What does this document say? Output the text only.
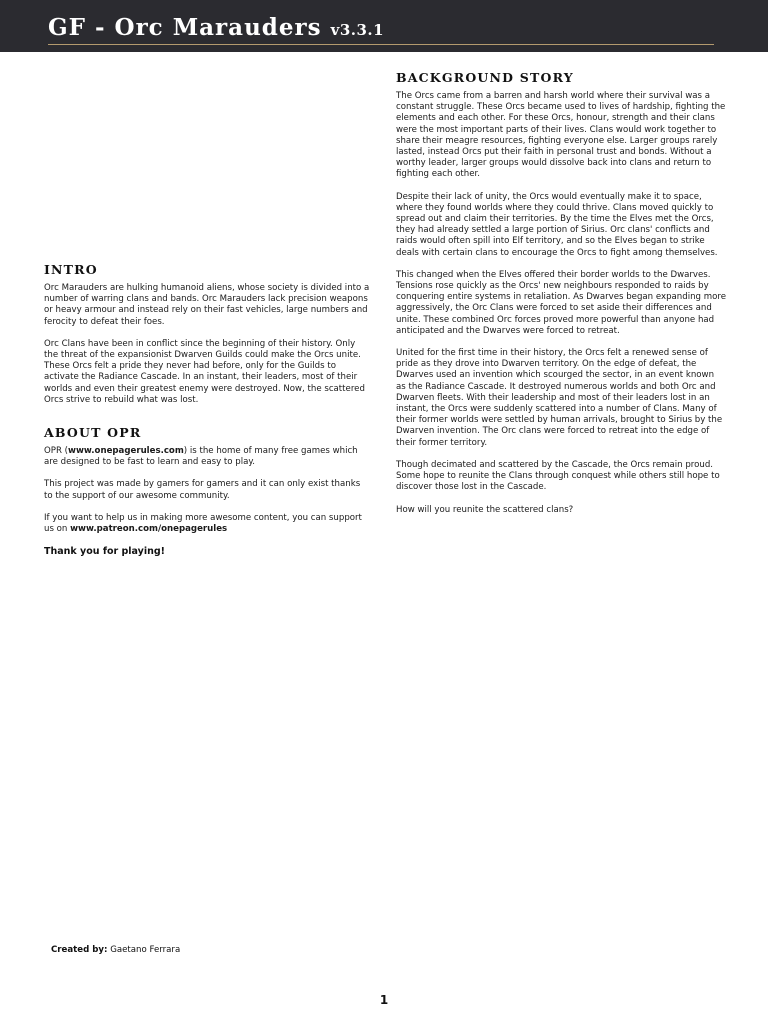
GF - Orc Marauders v3.3.1
INTRO

Orc Marauders are hulking humanoid aliens, whose society is divided into a number of warring clans and bands. Orc Marauders lack precision weapons or heavy armour and instead rely on their fast vehicles, large numbers and ferocity to defeat their foes.

Orc Clans have been in conflict since the beginning of their history. Only the threat of the expansionist Dwarven Guilds could make the Orcs unite. These Orcs felt a pride they never had before, only for the Guilds to activate the Radiance Cascade. In an instant, their leaders, most of their worlds and even their greatest enemy were destroyed. Now, the scattered Orcs strive to rebuild what was lost.

ABOUT OPR

OPR (www.onepagerules.com) is the home of many free games which are designed to be fast to learn and easy to play.

This project was made by gamers for gamers and it can only exist thanks to the support of our awesome community.

If you want to help us in making more awesome content, you can support us on www.patreon.com/onepagerules

Thank you for playing!

BACKGROUND STORY

The Orcs came from a barren and harsh world where their survival was a constant struggle. These Orcs became used to lives of hardship, fighting the elements and each other. For these Orcs, honour, strength and their clans were the most important parts of their lives. Clans would work together to share their meagre resources, fighting everyone else. Larger groups rarely lasted, instead Orcs put their faith in personal trust and bonds. Without a worthy leader, larger groups would dissolve back into clans and return to fighting each other.

Despite their lack of unity, the Orcs would eventually make it to space, where they found worlds where they could thrive. Clans moved quickly to spread out and claim their territories. By the time the Elves met the Orcs, they had already settled a large portion of Sirius. Orc clans' conflicts and raids would often spill into Elf territory, and so the Elves began to strike deals with certain clans to encourage the Orcs to fight among themselves.

This changed when the Elves offered their border worlds to the Dwarves. Tensions rose quickly as the Orcs' new neighbours responded to raids by conquering entire systems in retaliation. As Dwarves began expanding more aggressively, the Orc Clans were forced to set aside their differences and unite. These combined Orc forces proved more powerful than anyone had anticipated and the Dwarves were forced to retreat.

United for the first time in their history, the Orcs felt a renewed sense of pride as they drove into Dwarven territory. On the edge of defeat, the Dwarves used an invention which scourged the sector, in an event known as the Radiance Cascade. It destroyed numerous worlds and both Orc and Dwarven fleets. With their leadership and most of their leaders lost in an instant, the Orcs were suddenly scattered into a number of Clans. Many of their former worlds were settled by human arrivals, brought to Sirius by the Dwarven invention. The Orc clans were forced to retreat into the edge of their former territory.

Though decimated and scattered by the Cascade, the Orcs remain proud. Some hope to reunite the Clans through conquest while others still hope to discover those lost in the Cascade.

How will you reunite the scattered clans?

Created by: Gaetano Ferrara
1
